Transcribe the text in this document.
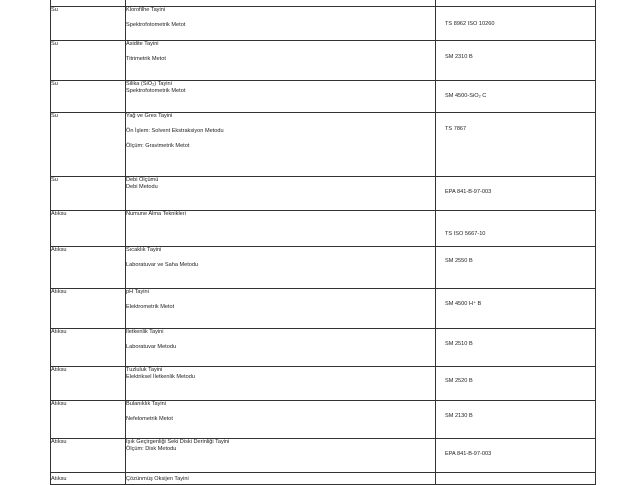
Su	Klorofilhe Tayini
Spektrofotometrik Metot	TS 8962 ISO 10260

Su	Asidite Tayini
Titrimetrik Metot	SM 2310 B

Su	Silika (SiO₂) Tayini
Spektrofotometrik Metot	SM 4500-SiO₂ C

Su	Yağ ve Gres Tayini
Ön İşlem: Solvent Ekstraksiyon Metodu
Ölçüm: Gravimetrik Metot	TS 7867

Su	Debi Ölçümü
Debi Metodu	EPA 841-B-97-003

Atıksu	Numune Alma Teknikleri	TS ISO 5667-10

Atıksu	Sıcaklık Tayini
Laboratuvar ve Saha Metodu	SM 2550 B

Atıksu	pH Tayini
Elektrometrik Metot	SM 4500 H⁺ B

Atıksu	İletkenlik Tayini
Laboratuvar Metodu	SM 2510 B

Atıksu	Tuzluluk Tayini
Elektriksel İletkenlik Metodu	SM 2520 B

Atıksu	Bulanıklık Tayini
Nefelometrik Metot	SM 2130 B

Atıksu	Işık Geçirgenliği Seki Diski Derinliği Tayini
Ölçüm: Disk Metodu	EPA 841-B-97-003

Atıksu	Çözünmüş Oksijen Tayini	
